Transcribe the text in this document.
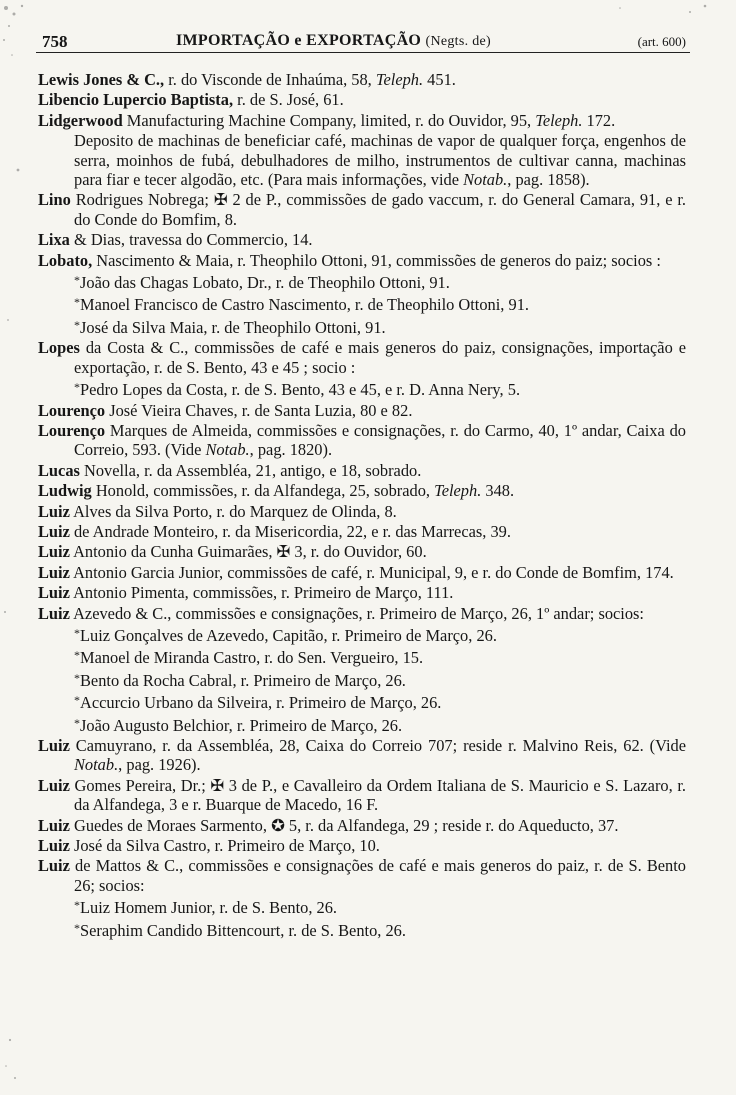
758	IMPORTAÇÃO e EXPORTAÇÃO (Negts. de)	(art. 600)
Lewis Jones & C., r. do Visconde de Inhaúma, 58, Teleph. 451.
Libencio Lupercio Baptista, r. de S. José, 61.
Lidgerwood Manufacturing Machine Company, limited, r. do Ouvidor, 95, Teleph. 172.
Deposito de machinas de beneficiar café, machinas de vapor de qualquer força, engenhos de serra, moinhos de fubá, debulhadores de milho, instrumentos de cultivar canna, machinas para fiar e tecer algodão, etc. (Para mais informações, vide Notab., pag. 1858).
Lino Rodrigues Nobrega; ✠ 2 de P., commissões de gado vaccum, r. do General Camara, 91, e r. do Conde do Bomfim, 8.
Lixa & Dias, travessa do Commercio, 14.
Lobato, Nascimento & Maia, r. Theophilo Ottoni, 91, commissões de generos do paiz; socios :
*João das Chagas Lobato, Dr., r. de Theophilo Ottoni, 91.
*Manoel Francisco de Castro Nascimento, r. de Theophilo Ottoni, 91.
*José da Silva Maia, r. de Theophilo Ottoni, 91.
Lopes da Costa & C., commissões de café e mais generos do paiz, consignações, importação e exportação, r. de S. Bento, 43 e 45 ; socio :
*Pedro Lopes da Costa, r. de S. Bento, 43 e 45, e r. D. Anna Nery, 5.
Lourenço José Vieira Chaves, r. de Santa Luzia, 80 e 82.
Lourenço Marques de Almeida, commissões e consignações, r. do Carmo, 40, 1º andar, Caixa do Correio, 593. (Vide Notab., pag. 1820).
Lucas Novella, r. da Assembléa, 21, antigo, e 18, sobrado.
Ludwig Honold, commissões, r. da Alfandega, 25, sobrado, Teleph. 348.
Luiz Alves da Silva Porto, r. do Marquez de Olinda, 8.
Luiz de Andrade Monteiro, r. da Misericordia, 22, e r. das Marrecas, 39.
Luiz Antonio da Cunha Guimarães, ✠ 3, r. do Ouvidor, 60.
Luiz Antonio Garcia Junior, commissões de café, r. Municipal, 9, e r. do Conde de Bomfim, 174.
Luiz Antonio Pimenta, commissões, r. Primeiro de Março, 111.
Luiz Azevedo & C., commissões e consignações, r. Primeiro de Março, 26, 1º andar; socios:
*Luiz Gonçalves de Azevedo, Capitão, r. Primeiro de Março, 26.
*Manoel de Miranda Castro, r. do Sen. Vergueiro, 15.
*Bento da Rocha Cabral, r. Primeiro de Março, 26.
*Accurcio Urbano da Silveira, r. Primeiro de Março, 26.
*João Augusto Belchior, r. Primeiro de Março, 26.
Luiz Camuyrano, r. da Assembléa, 28, Caixa do Correio 707; reside r. Malvino Reis, 62. (Vide Notab., pag. 1926).
Luiz Gomes Pereira, Dr.; ✠ 3 de P., e Cavalleiro da Ordem Italiana de S. Mauricio e S. Lazaro, r. da Alfandega, 3 e r. Buarque de Macedo, 16 F.
Luiz Guedes de Moraes Sarmento, ✪ 5, r. da Alfandega, 29 ; reside r. do Aqueducto, 37.
Luiz José da Silva Castro, r. Primeiro de Março, 10.
Luiz de Mattos & C., commissões e consignações de café e mais generos do paiz, r. de S. Bento 26; socios:
*Luiz Homem Junior, r. de S. Bento, 26.
*Seraphim Candido Bittencourt, r. de S. Bento, 26.
